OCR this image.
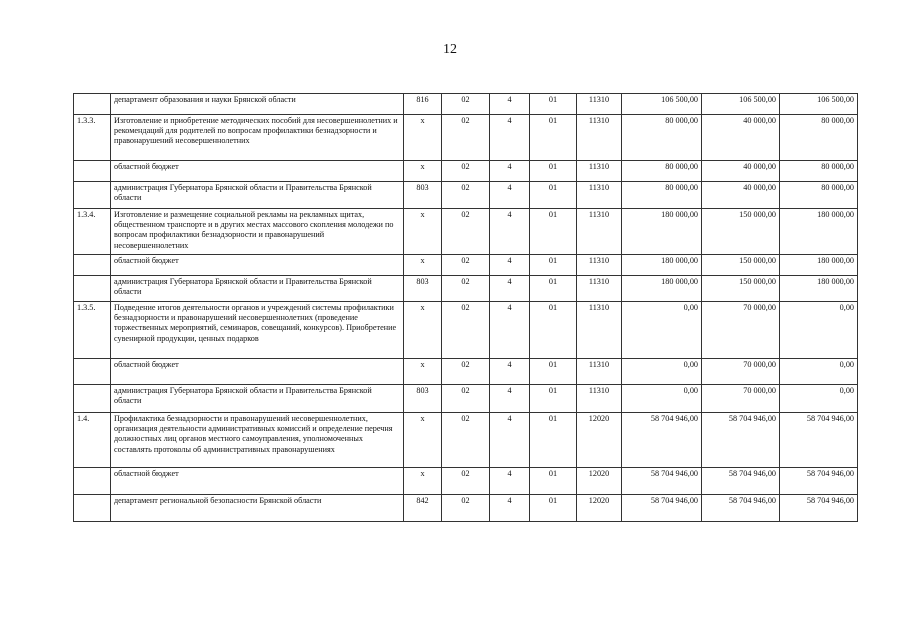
12
	департамент образования и науки Брянской области	816	02	4	01	11310	106 500,00	106 500,00	106 500,00
1.3.3.	Изготовление и приобретение методических пособий для несовершеннолетних и рекомендаций для родителей по вопросам профилактики безнадзорности и правонарушений несовершеннолетних	х	02	4	01	11310	80 000,00	40 000,00	80 000,00
	областной бюджет	х	02	4	01	11310	80 000,00	40 000,00	80 000,00
	администрация Губернатора Брянской области и Правительства Брянской области	803	02	4	01	11310	80 000,00	40 000,00	80 000,00
1.3.4.	Изготовление и размещение социальной рекламы на рекламных щитах, общественном транспорте и в других местах массового скопления молодежи по вопросам профилактики безнадзорности и правонарушений несовершеннолетних	х	02	4	01	11310	180 000,00	150 000,00	180 000,00
	областной бюджет	х	02	4	01	11310	180 000,00	150 000,00	180 000,00
	администрация Губернатора Брянской области и Правительства Брянской области	803	02	4	01	11310	180 000,00	150 000,00	180 000,00
1.3.5.	Подведение итогов деятельности органов и учреждений системы профилактики безнадзорности и правонарушений несовершеннолетних (проведение торжественных мероприятий, семинаров, совещаний, конкурсов). Приобретение сувенирной продукции, ценных подарков	х	02	4	01	11310	0,00	70 000,00	0,00
	областной бюджет	х	02	4	01	11310	0,00	70 000,00	0,00
	администрация Губернатора Брянской области и Правительства Брянской области	803	02	4	01	11310	0,00	70 000,00	0,00
1.4.	Профилактика безнадзорности и правонарушений несовершеннолетних, организация деятельности административных комиссий и определение перечня должностных лиц органов местного самоуправления, уполномоченных составлять протоколы об административных правонарушениях	х	02	4	01	12020	58 704 946,00	58 704 946,00	58 704 946,00
	областной бюджет	х	02	4	01	12020	58 704 946,00	58 704 946,00	58 704 946,00
	департамент региональной безопасности Брянской области	842	02	4	01	12020	58 704 946,00	58 704 946,00	58 704 946,00
